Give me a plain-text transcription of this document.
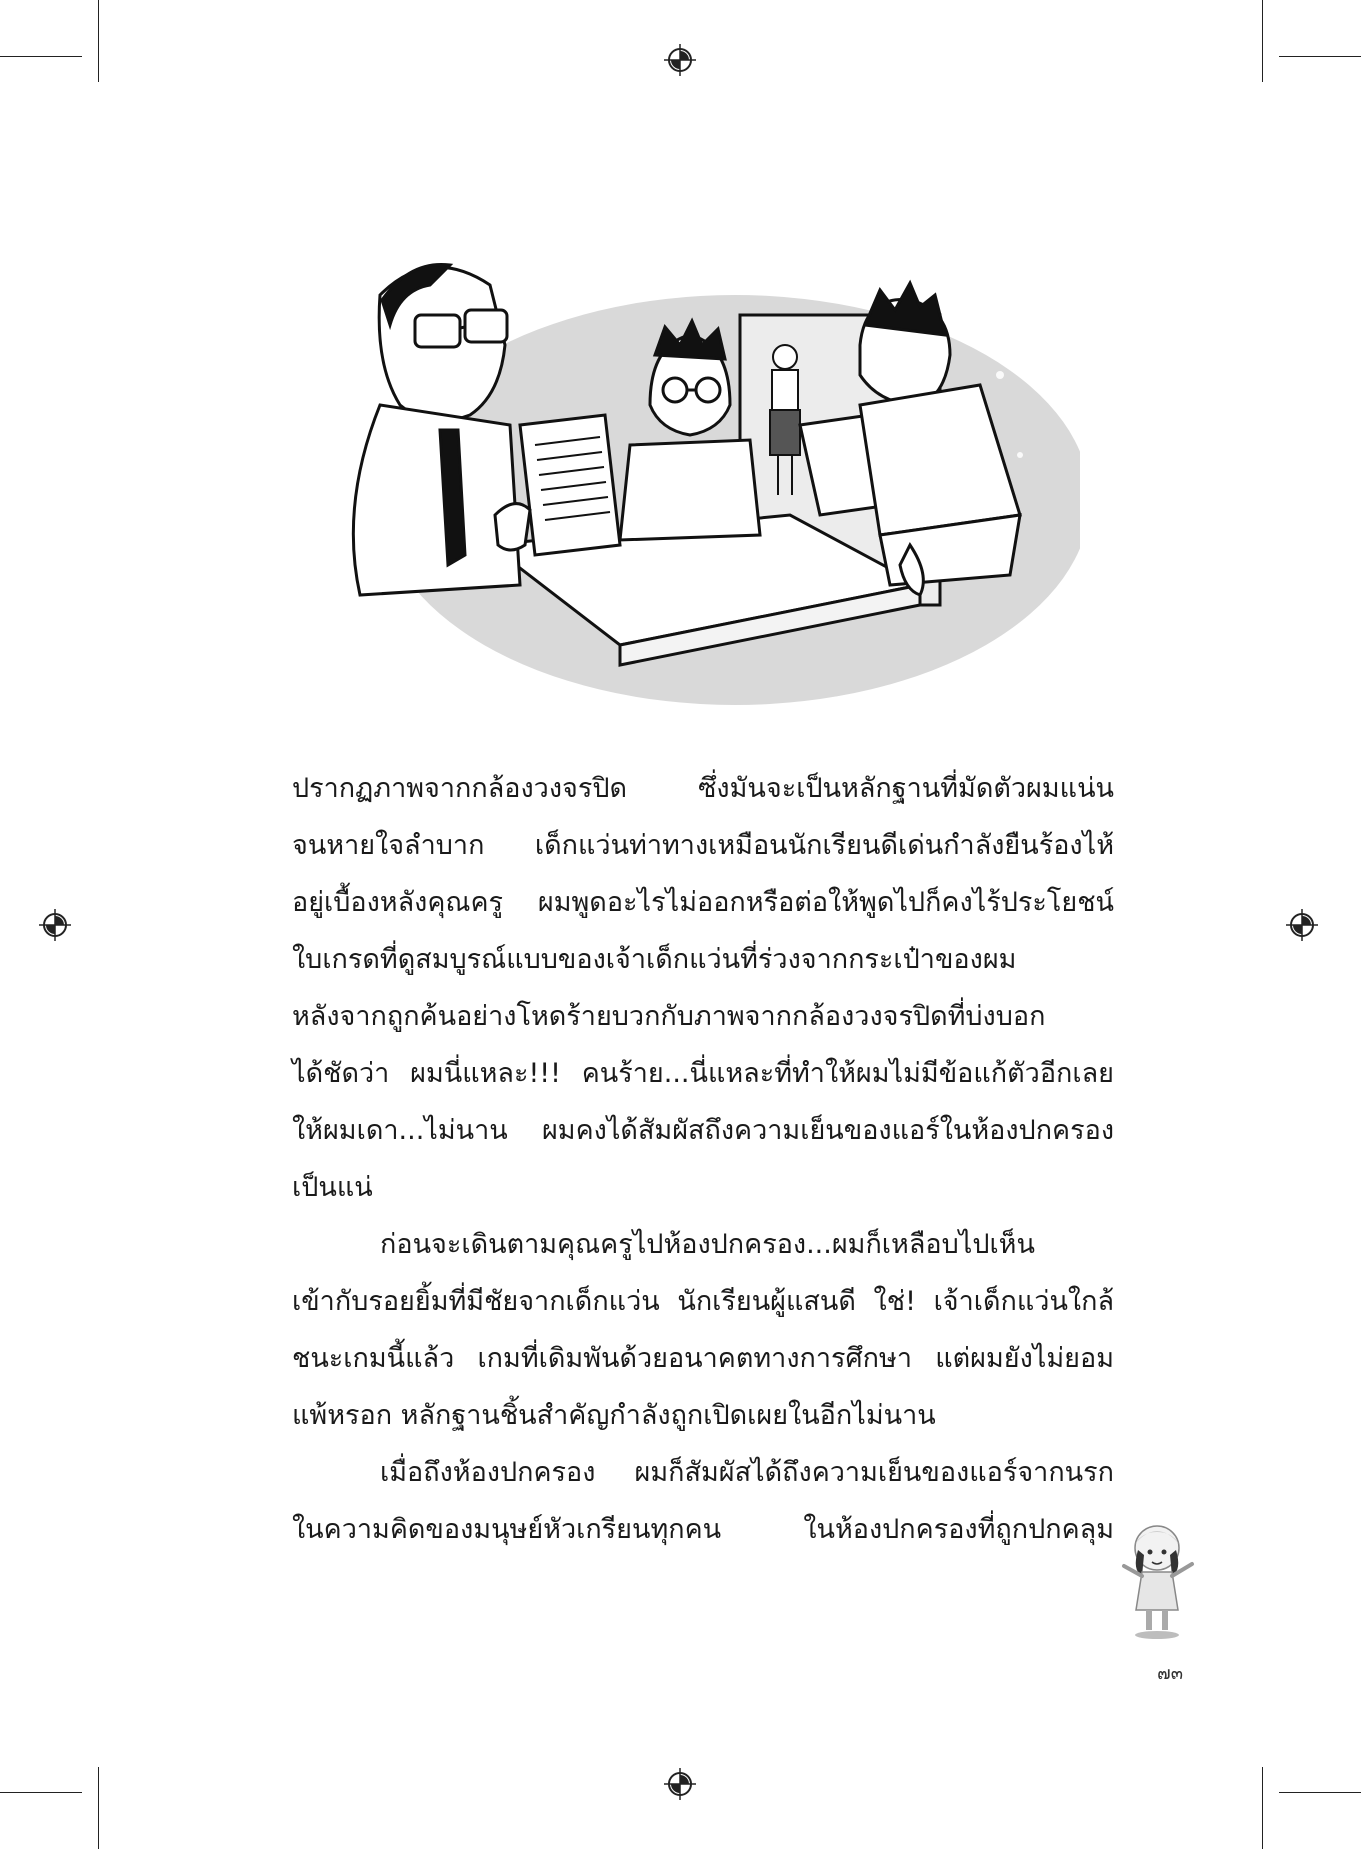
ปรากฏภาพจากกล้องวงจรปิด ซึ่งมันจะเป็นหลักฐานที่มัดตัวผมแน่น

จนหายใจลำบาก เด็กแว่นท่าทางเหมือนนักเรียนดีเด่นกำลังยืนร้องไห้

อยู่เบื้องหลังคุณครู ผมพูดอะไรไม่ออกหรือต่อให้พูดไปก็คงไร้ประโยชน์

ใบเกรดที่ดูสมบูรณ์แบบของเจ้าเด็กแว่นที่ร่วงจากกระเป๋าของผม

หลังจากถูกค้นอย่างโหดร้ายบวกกับภาพจากกล้องวงจรปิดที่บ่งบอก

ได้ชัดว่า ผมนี่แหละ!!! คนร้าย...นี่แหละที่ทำให้ผมไม่มีข้อแก้ตัวอีกเลย

ให้ผมเดา...ไม่นาน ผมคงได้สัมผัสถึงความเย็นของแอร์ในห้องปกครอง

เป็นแน่

ก่อนจะเดินตามคุณครูไปห้องปกครอง...ผมก็เหลือบไปเห็น

เข้ากับรอยยิ้มที่มีชัยจากเด็กแว่น นักเรียนผู้แสนดี ใช่! เจ้าเด็กแว่นใกล้

ชนะเกมนี้แล้ว เกมที่เดิมพันด้วยอนาคตทางการศึกษา แต่ผมยังไม่ยอม

แพ้หรอก หลักฐานชิ้นสำคัญกำลังถูกเปิดเผยในอีกไม่นาน

เมื่อถึงห้องปกครอง ผมก็สัมผัสได้ถึงความเย็นของแอร์จากนรก

ในความคิดของมนุษย์หัวเกรียนทุกคน ในห้องปกครองที่ถูกปกคลุม

๗๓
